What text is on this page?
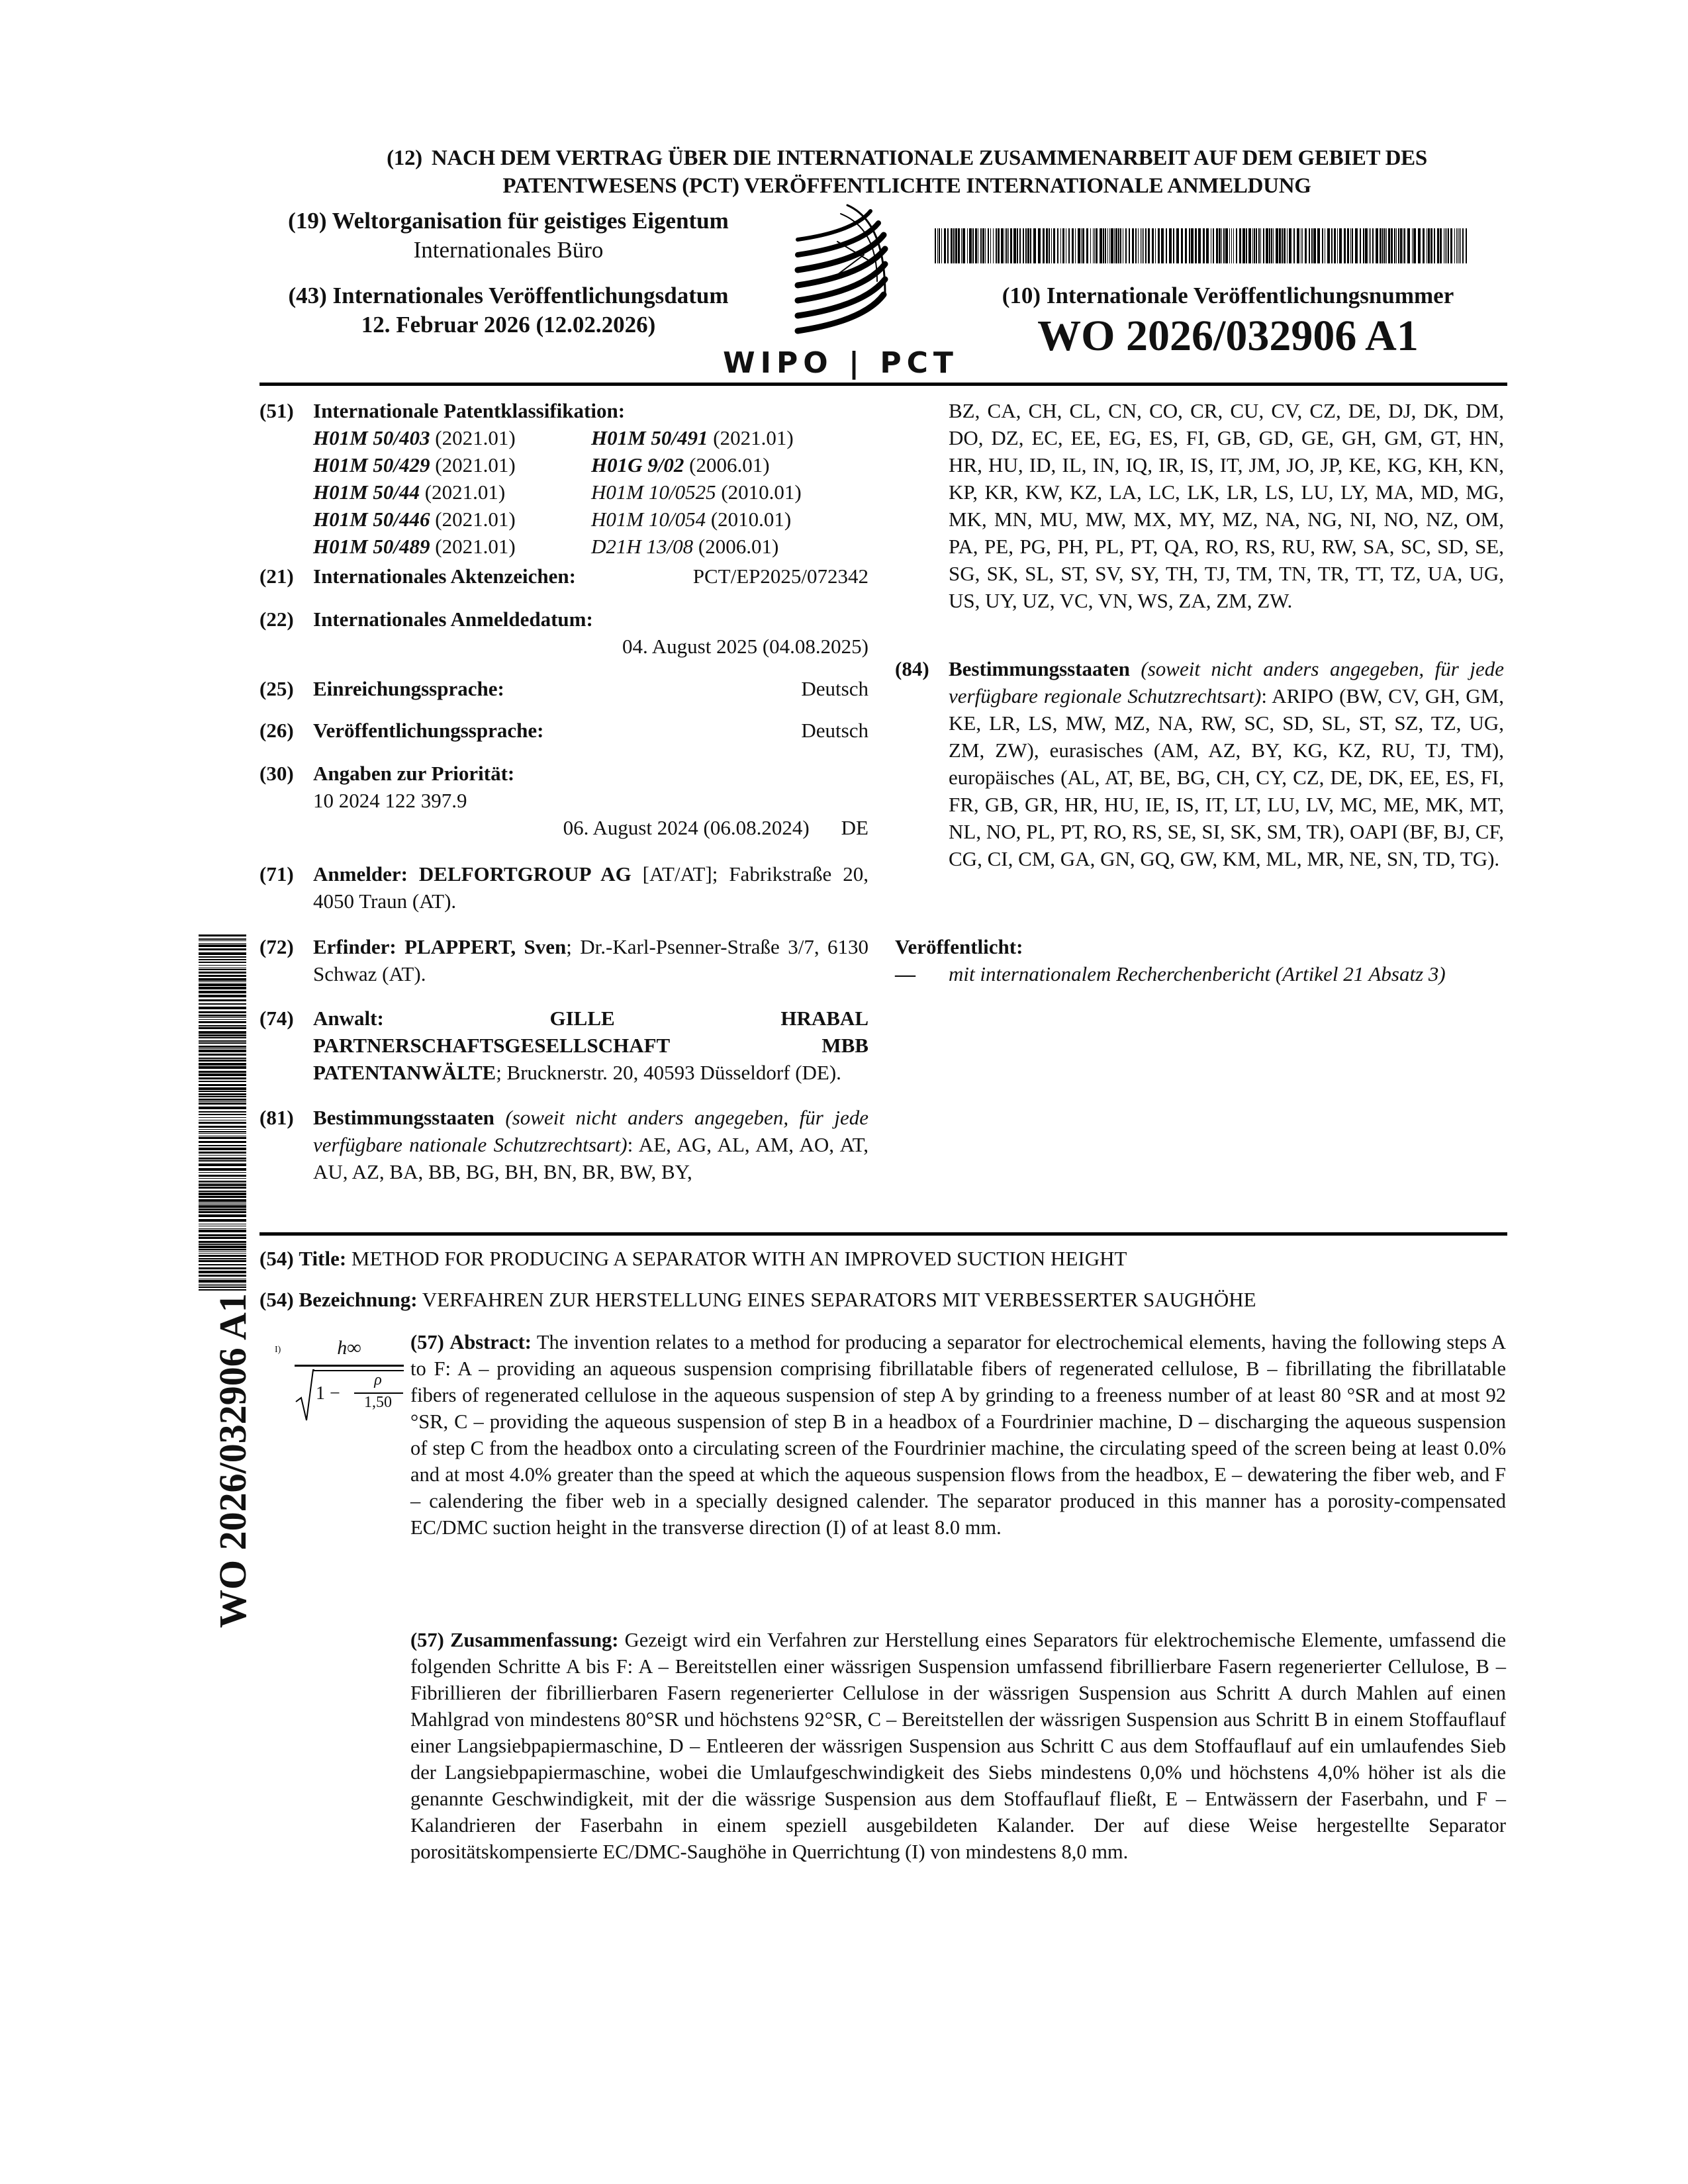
(12) NACH DEM VERTRAG ÜBER DIE INTERNATIONALE ZUSAMMENARBEIT AUF DEM GEBIET DES
PATENTWESENS (PCT) VERÖFFENTLICHTE INTERNATIONALE ANMELDUNG
(19) Weltorganisation für geistiges Eigentum
Internationales Büro
(43) Internationales Veröffentlichungsdatum
12. Februar 2026 (12.02.2026)
WIPO | PCT
(10) Internationale Veröffentlichungsnummer
WO 2026/032906 A1
(51) Internationale Patentklassifikation:
H01M 50/403 (2021.01)	H01M 50/491 (2021.01)
H01M 50/429 (2021.01)	H01G 9/02 (2006.01)
H01M 50/44 (2021.01)	H01M 10/0525 (2010.01)
H01M 50/446 (2021.01)	H01M 10/054 (2010.01)
H01M 50/489 (2021.01)	D21H 13/08 (2006.01)
(21) Internationales Aktenzeichen:	PCT/EP2025/072342
(22) Internationales Anmeldedatum:
04. August 2025 (04.08.2025)
(25) Einreichungssprache:	Deutsch
(26) Veröffentlichungssprache:	Deutsch
(30) Angaben zur Priorität:
10 2024 122 397.9
06. August 2024 (06.08.2024) DE
(71) Anmelder: DELFORTGROUP AG [AT/AT]; Fabrikstraße 20, 4050 Traun (AT).
(72) Erfinder: PLAPPERT, Sven; Dr.-Karl-Psenner-Straße 3/7, 6130 Schwaz (AT).
(74) Anwalt:	GILLE HRABAL PARTNERSCHAFTSGESELLSCHAFT MBB PATENTANWÄLTE; Brucknerstr. 20, 40593 Düsseldorf (DE).
(81) Bestimmungsstaaten (soweit nicht anders angegeben, für jede verfügbare nationale Schutzrechtsart): AE, AG, AL, AM, AO, AT, AU, AZ, BA, BB, BG, BH, BN, BR, BW, BY,
BZ, CA, CH, CL, CN, CO, CR, CU, CV, CZ, DE, DJ, DK, DM, DO, DZ, EC, EE, EG, ES, FI, GB, GD, GE, GH, GM, GT, HN, HR, HU, ID, IL, IN, IQ, IR, IS, IT, JM, JO, JP, KE, KG, KH, KN, KP, KR, KW, KZ, LA, LC, LK, LR, LS, LU, LY, MA, MD, MG, MK, MN, MU, MW, MX, MY, MZ, NA, NG, NI, NO, NZ, OM, PA, PE, PG, PH, PL, PT, QA, RO, RS, RU, RW, SA, SC, SD, SE, SG, SK, SL, ST, SV, SY, TH, TJ, TM, TN, TR, TT, TZ, UA, UG, US, UY, UZ, VC, VN, WS, ZA, ZM, ZW.
(84) Bestimmungsstaaten (soweit nicht anders angegeben, für jede verfügbare regionale Schutzrechtsart): ARIPO (BW, CV, GH, GM, KE, LR, LS, MW, MZ, NA, RW, SC, SD, SL, ST, SZ, TZ, UG, ZM, ZW), eurasisches (AM, AZ, BY, KG, KZ, RU, TJ, TM), europäisches (AL, AT, BE, BG, CH, CY, CZ, DE, DK, EE, ES, FI, FR, GB, GR, HR, HU, IE, IS, IT, LT, LU, LV, MC, ME, MK, MT, NL, NO, PL, PT, RO, RS, SE, SI, SK, SM, TR), OAPI (BF, BJ, CF, CG, CI, CM, GA, GN, GQ, GW, KM, ML, MR, NE, SN, TD, TG).
Veröffentlicht:
— mit internationalem Recherchenbericht (Artikel 21 Absatz 3)
WO 2026/032906 A1
(54) Title: METHOD FOR PRODUCING A SEPARATOR WITH AN IMPROVED SUCTION HEIGHT
(54) Bezeichnung: VERFAHREN ZUR HERSTELLUNG EINES SEPARATORS MIT VERBESSERTER SAUGHÖHE
I)	h∞
1 −
ρ
1,50
(57) Abstract: The invention relates to a method for producing a separator for electrochemical elements, having the following steps A to F: A – providing an aqueous suspension comprising fibrillatable fibers of regenerated cellulose, B – fibrillating the fibrillatable fibers of regenerated cellulose in the aqueous suspension of step A by grinding to a freeness number of at least 80 °SR and at most 92 °SR, C – providing the aqueous suspension of step B in a headbox of a Fourdrinier machine, D – discharging the aqueous suspension of step C from the headbox onto a circulating screen of the Fourdrinier machine, the circulating speed of the screen being at least 0.0% and at most 4.0% greater than the speed at which the aqueous suspension flows from the headbox, E – dewatering the fiber web, and F – calendering the fiber web in a specially designed calender. The separator produced in this manner has a porosity-compensated EC/DMC suction height in the transverse direction (I) of at least 8.0 mm.
(57) Zusammenfassung: Gezeigt wird ein Verfahren zur Herstellung eines Separators für elektrochemische Elemente, umfassend die folgenden Schritte A bis F: A – Bereitstellen einer wässrigen Suspension umfassend fibrillierbare Fasern regenerierter Cellulose, B – Fibrillieren der fibrillierbaren Fasern regenerierter Cellulose in der wässrigen Suspension aus Schritt A durch Mahlen auf einen Mahlgrad von mindestens 80°SR und höchstens 92°SR, C – Bereitstellen der wässrigen Suspension aus Schritt B in einem Stoffauflauf einer Langsiebpapiermaschine, D – Entleeren der wässrigen Suspension aus Schritt C aus dem Stoffauflauf auf ein umlaufendes Sieb der Langsiebpapiermaschine, wobei die Umlaufgeschwindigkeit des Siebs mindestens 0,0% und höchstens 4,0% höher ist als die genannte Geschwindigkeit, mit der die wässrige Suspension aus dem Stoffauflauf fließt, E – Entwässern der Faserbahn, und F – Kalandrieren der Faserbahn in einem speziell ausgebildeten Kalander. Der auf diese Weise hergestellte Separator porositätskompensierte EC/DMC-Saughöhe in Querrichtung (I) von mindestens 8,0 mm.
